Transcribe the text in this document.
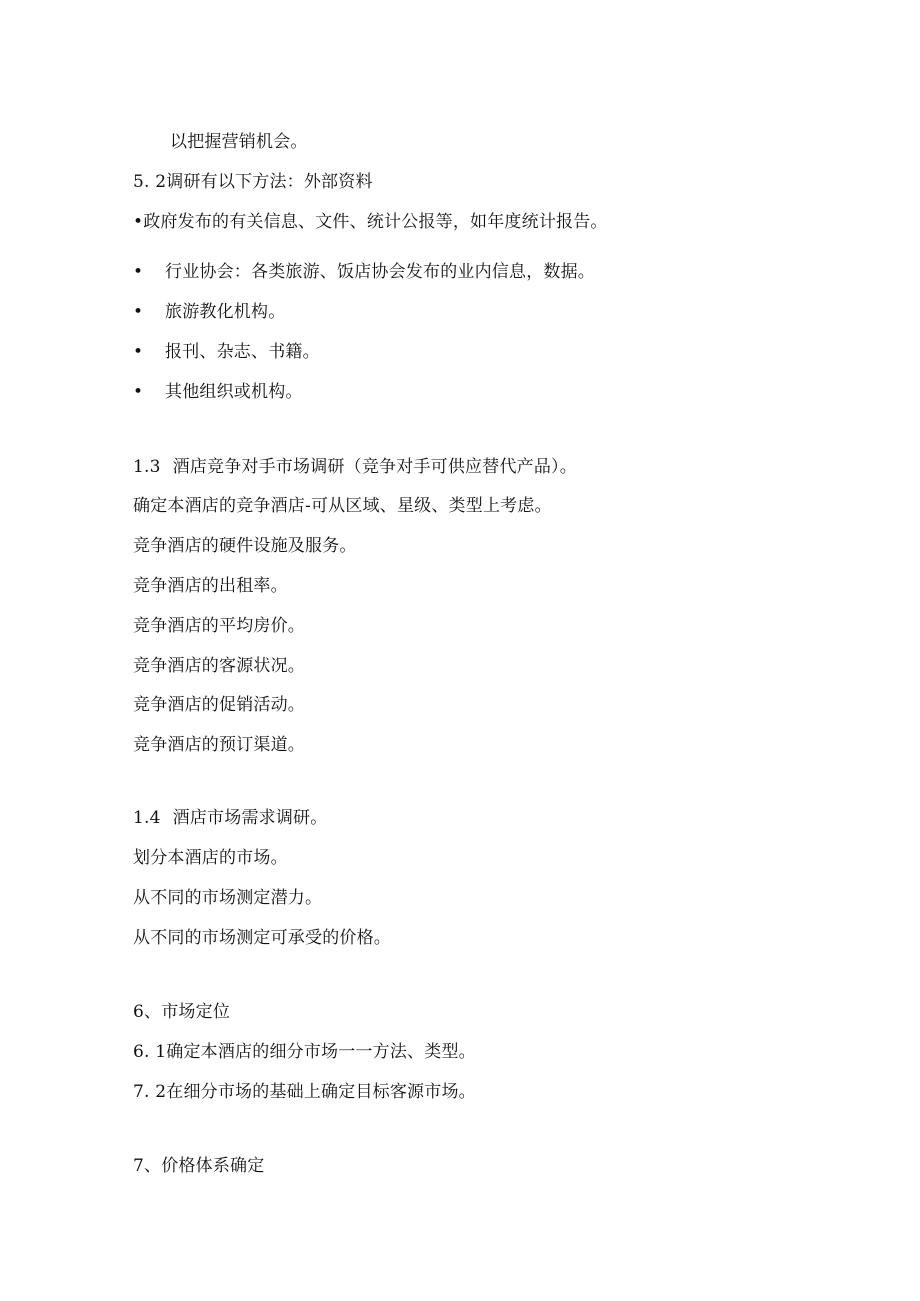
以把握营销机会。
5. 2调研有以下方法：外部资料
•政府发布的有关信息、文件、统计公报等，如年度统计报告。
• 行业协会：各类旅游、饭店协会发布的业内信息，数据。
• 旅游教化机构。
• 报刊、杂志、书籍。
• 其他组织或机构。
1.3 酒店竞争对手市场调研（竞争对手可供应替代产品）。
确定本酒店的竞争酒店-可从区域、星级、类型上考虑。
竞争酒店的硬件设施及服务。
竞争酒店的出租率。
竞争酒店的平均房价。
竞争酒店的客源状况。
竞争酒店的促销活动。
竞争酒店的预订渠道。
1.4 酒店市场需求调研。
划分本酒店的市场。
从不同的市场测定潜力。
从不同的市场测定可承受的价格。
6、市场定位
6. 1确定本酒店的细分市场一一方法、类型。
7. 2在细分市场的基础上确定目标客源市场。
7、价格体系确定
